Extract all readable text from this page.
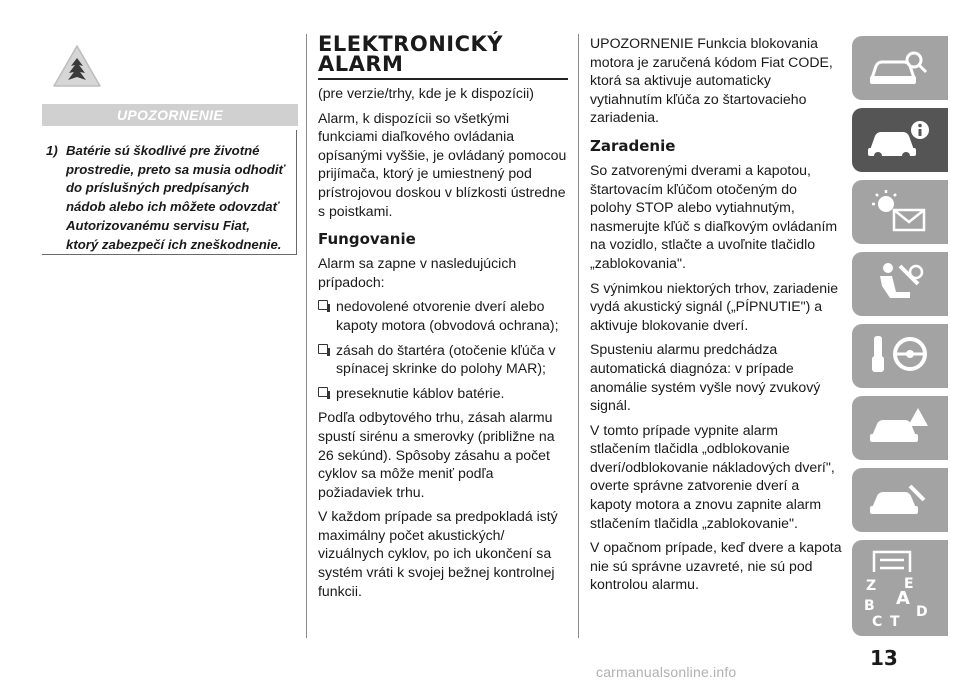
UPOZORNENIE
1) Batérie sú škodlivé pre životné
prostredie, preto sa musia odhodiť
do príslušných predpísaných
nádob alebo ich môžete odovzdať
Autorizovanému servisu Fiat,
ktorý zabezpečí ich zneškodnenie.
ELEKTRONICKÝ
ALARM

(pre verzie/trhy, kde je k dispozícii)

Alarm, k dispozícii so všetkými funkciami diaľkového ovládania opísanými vyššie, je ovládaný pomocou prijímača, ktorý je umiestnený pod prístrojovou doskou v blízkosti ústredne s poistkami.

Fungovanie

Alarm sa zapne v nasledujúcich prípadoch:

nedovolené otvorenie dverí alebo kapoty motora (obvodová ochrana);
zásah do štartéra (otočenie kľúča v spínacej skrinke do polohy MAR);
preseknutie káblov batérie.

Podľa odbytového trhu, zásah alarmu spustí sirénu a smerovky (približne na 26 sekúnd). Spôsoby zásahu a počet cyklov sa môže meniť podľa požiadaviek trhu.

V každom prípade sa predpokladá istý maximálny počet akustických/ vizuálnych cyklov, po ich ukončení sa systém vráti k svojej bežnej kontrolnej funkcii.

UPOZORNENIE Funkcia blokovania motora je zaručená kódom Fiat CODE, ktorá sa aktivuje automaticky vytiahnutím kľúča zo štartovacieho zariadenia.

Zaradenie

So zatvorenými dverami a kapotou, štartovacím kľúčom otočeným do polohy STOP alebo vytiahnutým, nasmerujte kľúč s diaľkovým ovládaním na vozidlo, stlačte a uvoľnite tlačidlo „zablokovania".

S výnimkou niektorých trhov, zariadenie vydá akustický signál („PÍPNUTIE") a aktivuje blokovanie dverí.

Spusteniu alarmu predchádza automatická diagnóza: v prípade anomálie systém vyšle nový zvukový signál.

V tomto prípade vypnite alarm stlačením tlačidla „odblokovanie dverí/odblokovanie nákladových dverí", overte správne zatvorenie dverí a kapoty motora a znovu zapnite alarm stlačením tlačidla „zablokovanie".

V opačnom prípade, keď dvere a kapota nie sú správne uzavreté, nie sú pod kontrolou alarmu.	Z E
A
B
C T
D
13
carmanualsonline.info
